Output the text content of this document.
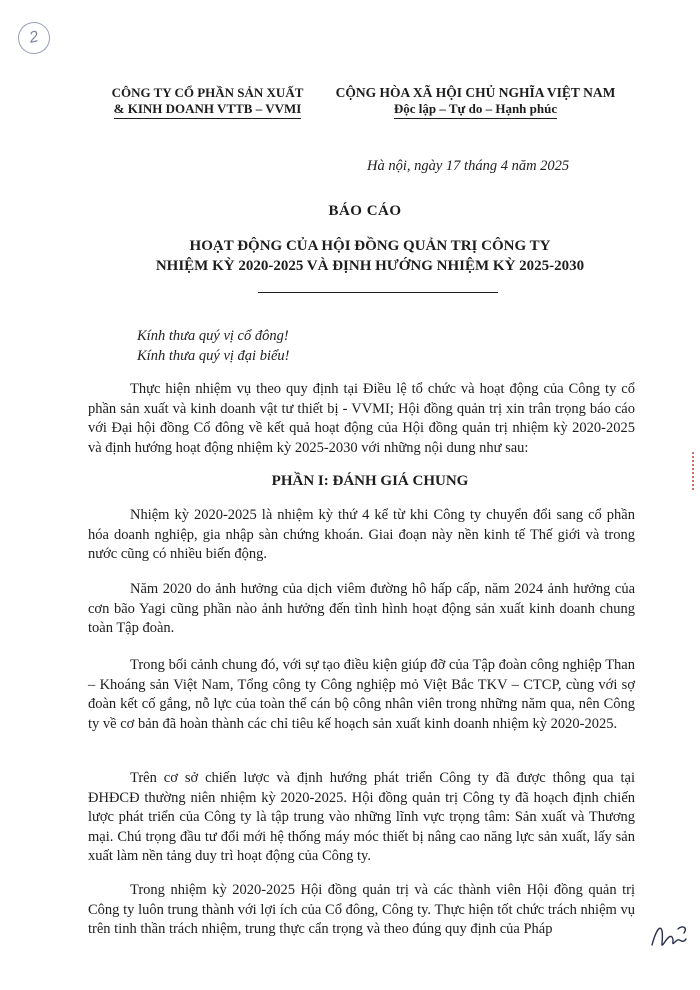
2
CÔNG TY CỔ PHẦN SẢN XUẤT
& KINH DOANH VTTB – VVMI
CỘNG HÒA XÃ HỘI CHỦ NGHĨA VIỆT NAM
Độc lập – Tự do – Hạnh phúc
Hà nội, ngày 17 tháng 4 năm 2025
BÁO CÁO
HOẠT ĐỘNG CỦA HỘI ĐỒNG QUẢN TRỊ CÔNG TY
NHIỆM KỲ 2020-2025 VÀ ĐỊNH HƯỚNG NHIỆM KỲ 2025-2030
Kính thưa quý vị cổ đông!
Kính thưa quý vị đại biểu!

Thực hiện nhiệm vụ theo quy định tại Điều lệ tổ chức và hoạt động của Công ty cổ phần sản xuất và kinh doanh vật tư thiết bị - VVMI; Hội đồng quản trị xin trân trọng báo cáo với Đại hội đồng Cổ đông về kết quả hoạt động của Hội đồng quản trị nhiệm kỳ 2020-2025 và định hướng hoạt động nhiệm kỳ 2025-2030 với những nội dung như sau:

PHẦN I: ĐÁNH GIÁ CHUNG

Nhiệm kỳ 2020-2025 là nhiệm kỳ thứ 4 kể từ khi Công ty chuyển đổi sang cổ phần hóa doanh nghiệp, gia nhập sàn chứng khoán. Giai đoạn này nền kinh tế Thế giới và trong nước cũng có nhiều biến động.

Năm 2020 do ảnh hưởng của dịch viêm đường hô hấp cấp, năm 2024 ảnh hưởng của cơn bão Yagi cũng phần nào ảnh hưởng đến tình hình hoạt động sản xuất kinh doanh chung toàn Tập đoàn.

Trong bối cảnh chung đó, với sự tạo điều kiện giúp đỡ của Tập đoàn công nghiệp Than – Khoáng sản Việt Nam, Tổng công ty Công nghiệp mỏ Việt Bắc TKV – CTCP, cùng với sợ đoàn kết cố gắng, nỗ lực của toàn thể cán bộ công nhân viên trong những năm qua, nên Công ty về cơ bản đã hoàn thành các chỉ tiêu kế hoạch sản xuất kinh doanh nhiệm kỳ 2020-2025.

Trên cơ sở chiến lược và định hướng phát triển Công ty đã được thông qua tại ĐHĐCĐ thường niên nhiệm kỳ 2020-2025. Hội đồng quản trị Công ty đã hoạch định chiến lược phát triển của Công ty là tập trung vào những lĩnh vực trọng tâm: Sản xuất và Thương mại. Chú trọng đầu tư đổi mới hệ thống máy móc thiết bị nâng cao năng lực sản xuất, lấy sản xuất làm nền tảng duy trì hoạt động của Công ty.

Trong nhiệm kỳ 2020-2025 Hội đồng quản trị và các thành viên Hội đồng quản trị Công ty luôn trung thành với lợi ích của Cổ đông, Công ty. Thực hiện tốt chức trách nhiệm vụ trên tinh thần trách nhiệm, trung thực cẩn trọng và theo đúng quy định của Pháp
